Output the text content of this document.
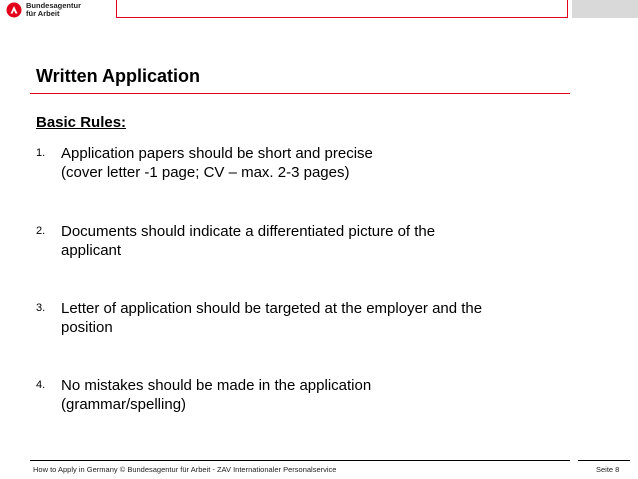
Bundesagentur
für Arbeit
Written Application
Basic Rules:
1. Application papers should be short and precise
(cover letter -1 page; CV – max. 2-3 pages)
2. Documents should indicate a differentiated picture of the
applicant
3. Letter of application should be targeted at the employer and the
position
4. No mistakes should be made in the application
(grammar/spelling)
How to Apply in Germany © Bundesagentur für Arbeit - ZAV Internationaler Personalservice	Seite 8
